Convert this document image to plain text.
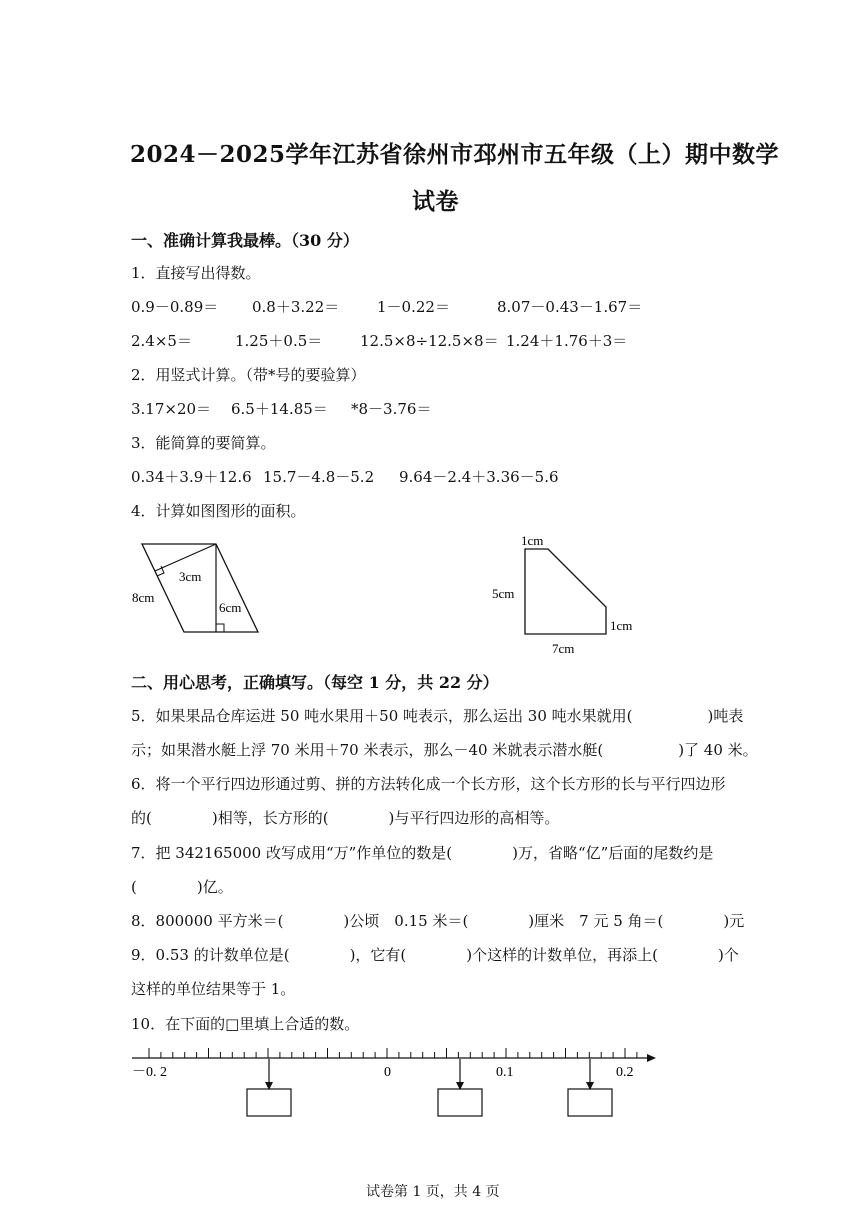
2024－2025学年江苏省徐州市邳州市五年级（上）期中数学
试卷
一、准确计算我最棒。（30 分）
1．直接写出得数。
0.9－0.89＝ 0.8＋3.22＝	1－0.22＝	8.07－0.43－1.67＝
2.4×5＝	1.25＋0.5＝	12.5×8÷12.5×8＝ 1.24＋1.76＋3＝
2．用竖式计算。（带*号的要验算）
3.17×20＝ 6.5＋14.85＝ *8－3.76＝
3．能简算的要简算。
0.34＋3.9＋12.6 15.7－4.8－5.2 9.64－2.4＋3.36－5.6
4．计算如图图形的面积。
8cm
3cm
6cm
1cm
5cm
1cm
7cm
二、用心思考，正确填写。（每空 1 分，共 22 分）
5．如果果品仓库运进 50 吨水果用＋50 吨表示，那么运出 30 吨水果就用(　　　　　)吨表
示；如果潜水艇上浮 70 米用＋70 米表示，那么－40 米就表示潜水艇(　　　　　)了 40 米。
6．将一个平行四边形通过剪、拼的方法转化成一个长方形，这个长方形的长与平行四边形
的(　　　　)相等，长方形的(　　　　)与平行四边形的高相等。
7．把 342165000 改写成用“万”作单位的数是(　　　　)万，省略“亿”后面的尾数约是
(　　　　)亿。
8．800000 平方米＝(　　　　)公顷　0.15 米＝(　　　　)厘米　7 元 5 角＝(　　　　)元
9．0.53 的计数单位是(　　　　)，它有(　　　　)个这样的计数单位，再添上(　　　　)个
这样的单位结果等于 1。
10．在下面的□里填上合适的数。
－0. 2	0	0.1	0.2
试卷第 1 页，共 4 页
